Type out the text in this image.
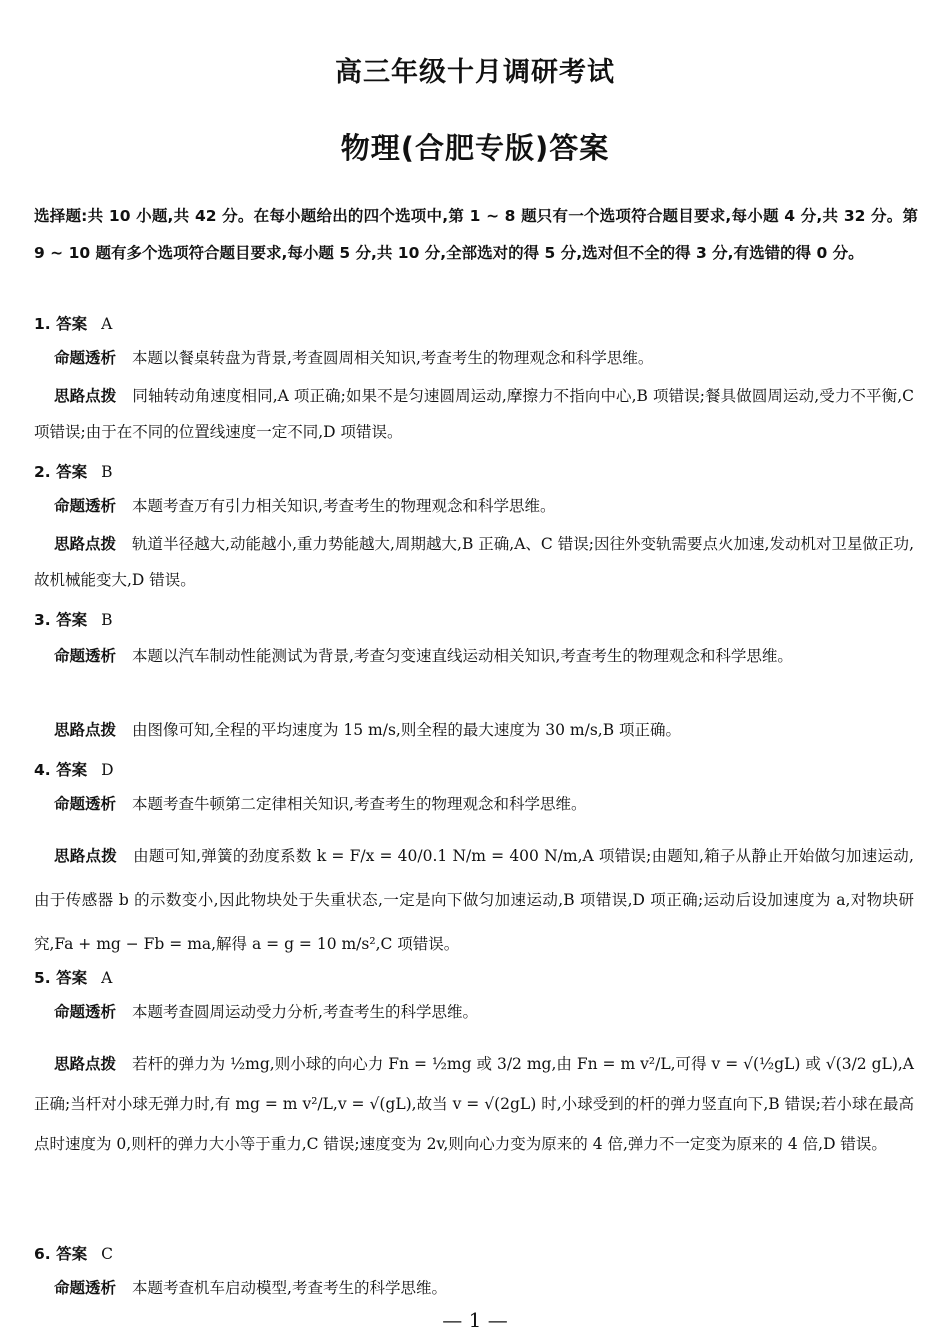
高三年级十月调研考试
物理(合肥专版)答案
选择题:共 10 小题,共 42 分。在每小题给出的四个选项中,第 1 ~ 8 题只有一个选项符合题目要求,每小题 4 分,共 32 分。第 9 ~ 10 题有多个选项符合题目要求,每小题 5 分,共 10 分,全部选对的得 5 分,选对但不全的得 3 分,有选错的得 0 分。
1. 答案 A
命题透析 本题以餐桌转盘为背景,考查圆周相关知识,考查考生的物理观念和科学思维。
思路点拨 同轴转动角速度相同,A 项正确;如果不是匀速圆周运动,摩擦力不指向中心,B 项错误;餐具做圆周运动,受力不平衡,C 项错误;由于在不同的位置线速度一定不同,D 项错误。
2. 答案 B
命题透析 本题考查万有引力相关知识,考查考生的物理观念和科学思维。
思路点拨 轨道半径越大,动能越小,重力势能越大,周期越大,B 正确,A、C 错误;因往外变轨需要点火加速,发动机对卫星做正功,故机械能变大,D 错误。
3. 答案 B
命题透析 本题以汽车制动性能测试为背景,考查匀变速直线运动相关知识,考查考生的物理观念和科学思维。
思路点拨 由图像可知,全程的平均速度为 15 m/s,则全程的最大速度为 30 m/s,B 项正确。
4. 答案 D
命题透析 本题考查牛顿第二定律相关知识,考查考生的物理观念和科学思维。
思路点拨 由题可知,弹簧的劲度系数 k = F/x = 40/0.1 N/m = 400 N/m,A 项错误;由题知,箱子从静止开始做匀加速运动,由于传感器 b 的示数变小,因此物块处于失重状态,一定是向下做匀加速运动,B 项错误,D 项正确;运动后设加速度为 a,对物块研究,Fa + mg − Fb = ma,解得 a = g = 10 m/s²,C 项错误。
5. 答案 A
命题透析 本题考查圆周运动受力分析,考查考生的科学思维。
思路点拨 若杆的弹力为 ½mg,则小球的向心力 Fn = ½mg 或 3/2 mg,由 Fn = m v²/L,可得 v = √(½gL) 或 √(3/2 gL),A 正确;当杆对小球无弹力时,有 mg = m v²/L,v = √(gL),故当 v = √(2gL) 时,小球受到的杆的弹力竖直向下,B 错误;若小球在最高点时速度为 0,则杆的弹力大小等于重力,C 错误;速度变为 2v,则向心力变为原来的 4 倍,弹力不一定变为原来的 4 倍,D 错误。
6. 答案 C
命题透析 本题考查机车启动模型,考查考生的科学思维。
— 1 —
